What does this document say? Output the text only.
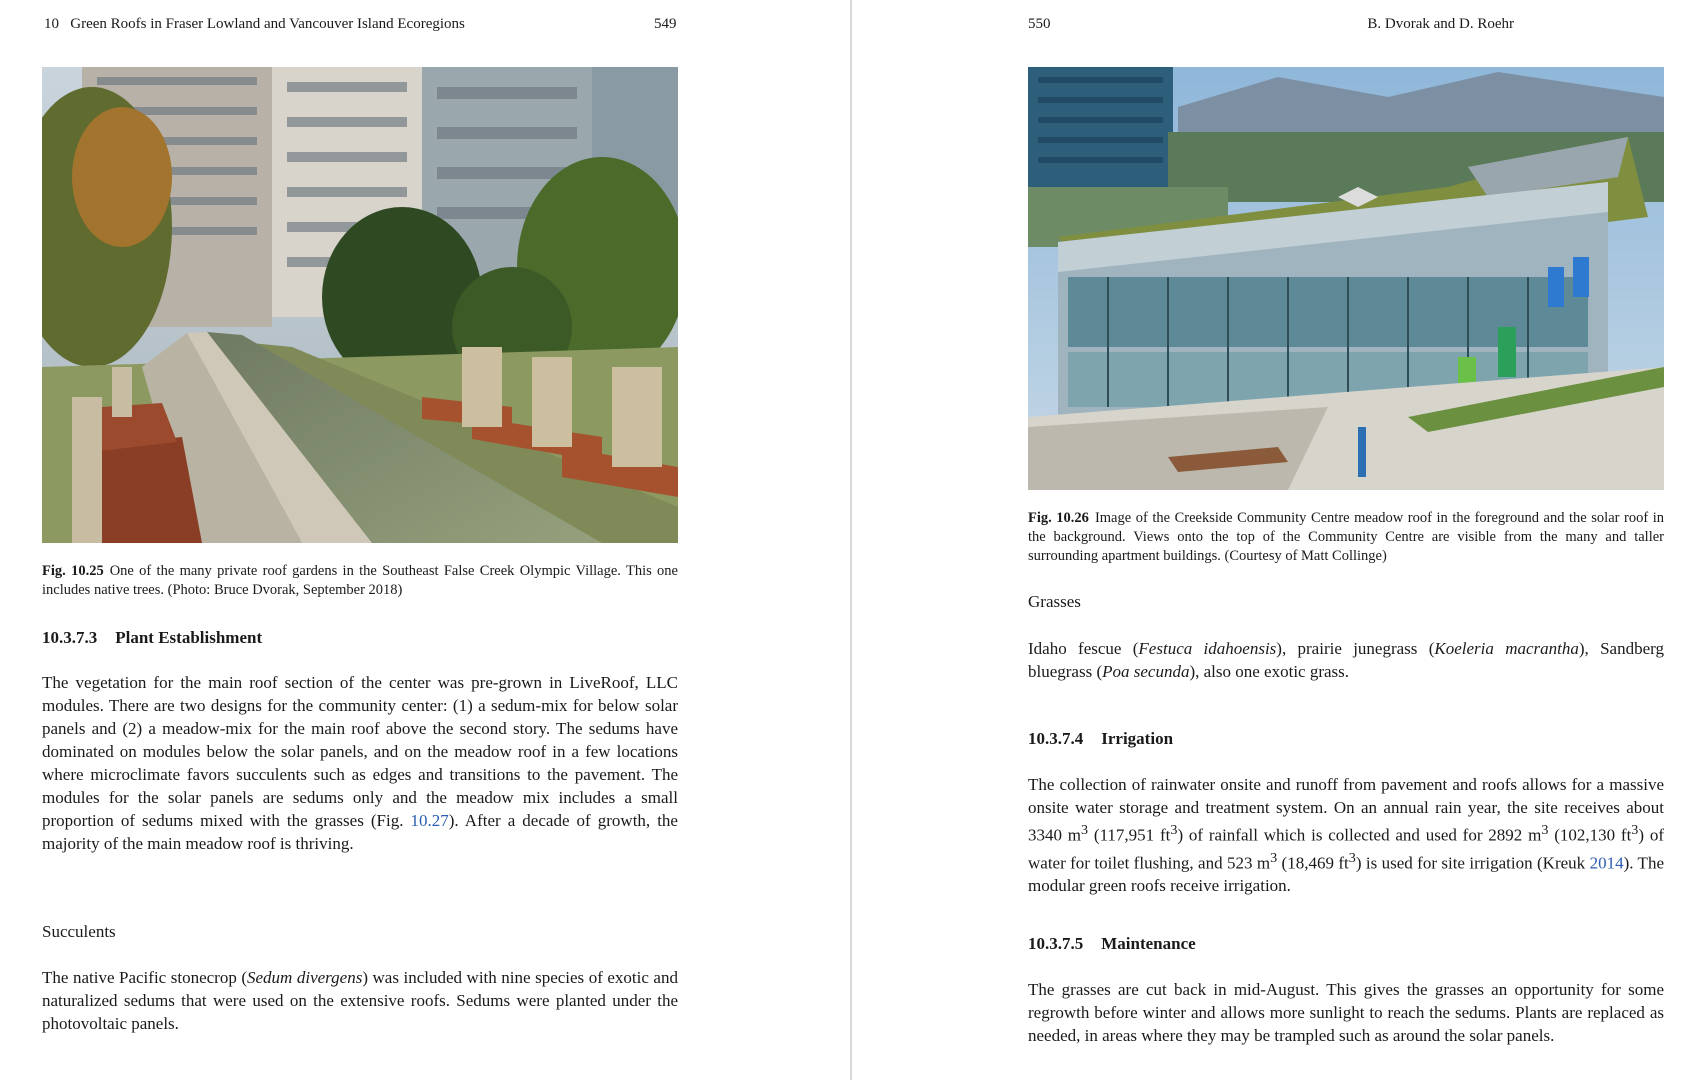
10 Green Roofs in Fraser Lowland and Vancouver Island Ecoregions	549
Fig. 10.25 One of the many private roof gardens in the Southeast False Creek Olympic Village. This one includes native trees. (Photo: Bruce Dvorak, September 2018)
10.3.7.3 Plant Establishment

The vegetation for the main roof section of the center was pre-grown in LiveRoof, LLC modules. There are two designs for the community center: (1) a sedum-mix for below solar panels and (2) a meadow-mix for the main roof above the second story. The sedums have dominated on modules below the solar panels, and on the meadow roof in a few locations where microclimate favors succulents such as edges and transitions to the pavement. The modules for the solar panels are sedums only and the meadow mix includes a small proportion of sedums mixed with the grasses (Fig. 10.27). After a decade of growth, the majority of the main meadow roof is thriving.

Succulents

The native Pacific stonecrop (Sedum divergens) was included with nine species of exotic and naturalized sedums that were used on the extensive roofs. Sedums were planted under the photovoltaic panels.

550	B. Dvorak and D. Roehr
Fig. 10.26 Image of the Creekside Community Centre meadow roof in the foreground and the solar roof in the background. Views onto the top of the Community Centre are visible from the many and taller surrounding apartment buildings. (Courtesy of Matt Collinge)
Grasses

Idaho fescue (Festuca idahoensis), prairie junegrass (Koeleria macrantha), Sandberg bluegrass (Poa secunda), also one exotic grass.

10.3.7.4 Irrigation

The collection of rainwater onsite and runoff from pavement and roofs allows for a massive onsite water storage and treatment system. On an annual rain year, the site receives about 3340 $m^3$ (117,951 $ft^3$) of rainfall which is collected and used for 2892 $m^3$ (102,130 $ft^3$) of water for toilet flushing, and 523 $m^3$ (18,469 $ft^3$) is used for site irrigation (Kreuk 2014). The modular green roofs receive irrigation.

10.3.7.5 Maintenance

The grasses are cut back in mid-August. This gives the grasses an opportunity for some regrowth before winter and allows more sunlight to reach the sedums. Plants are replaced as needed, in areas where they may be trampled such as around the solar panels.
